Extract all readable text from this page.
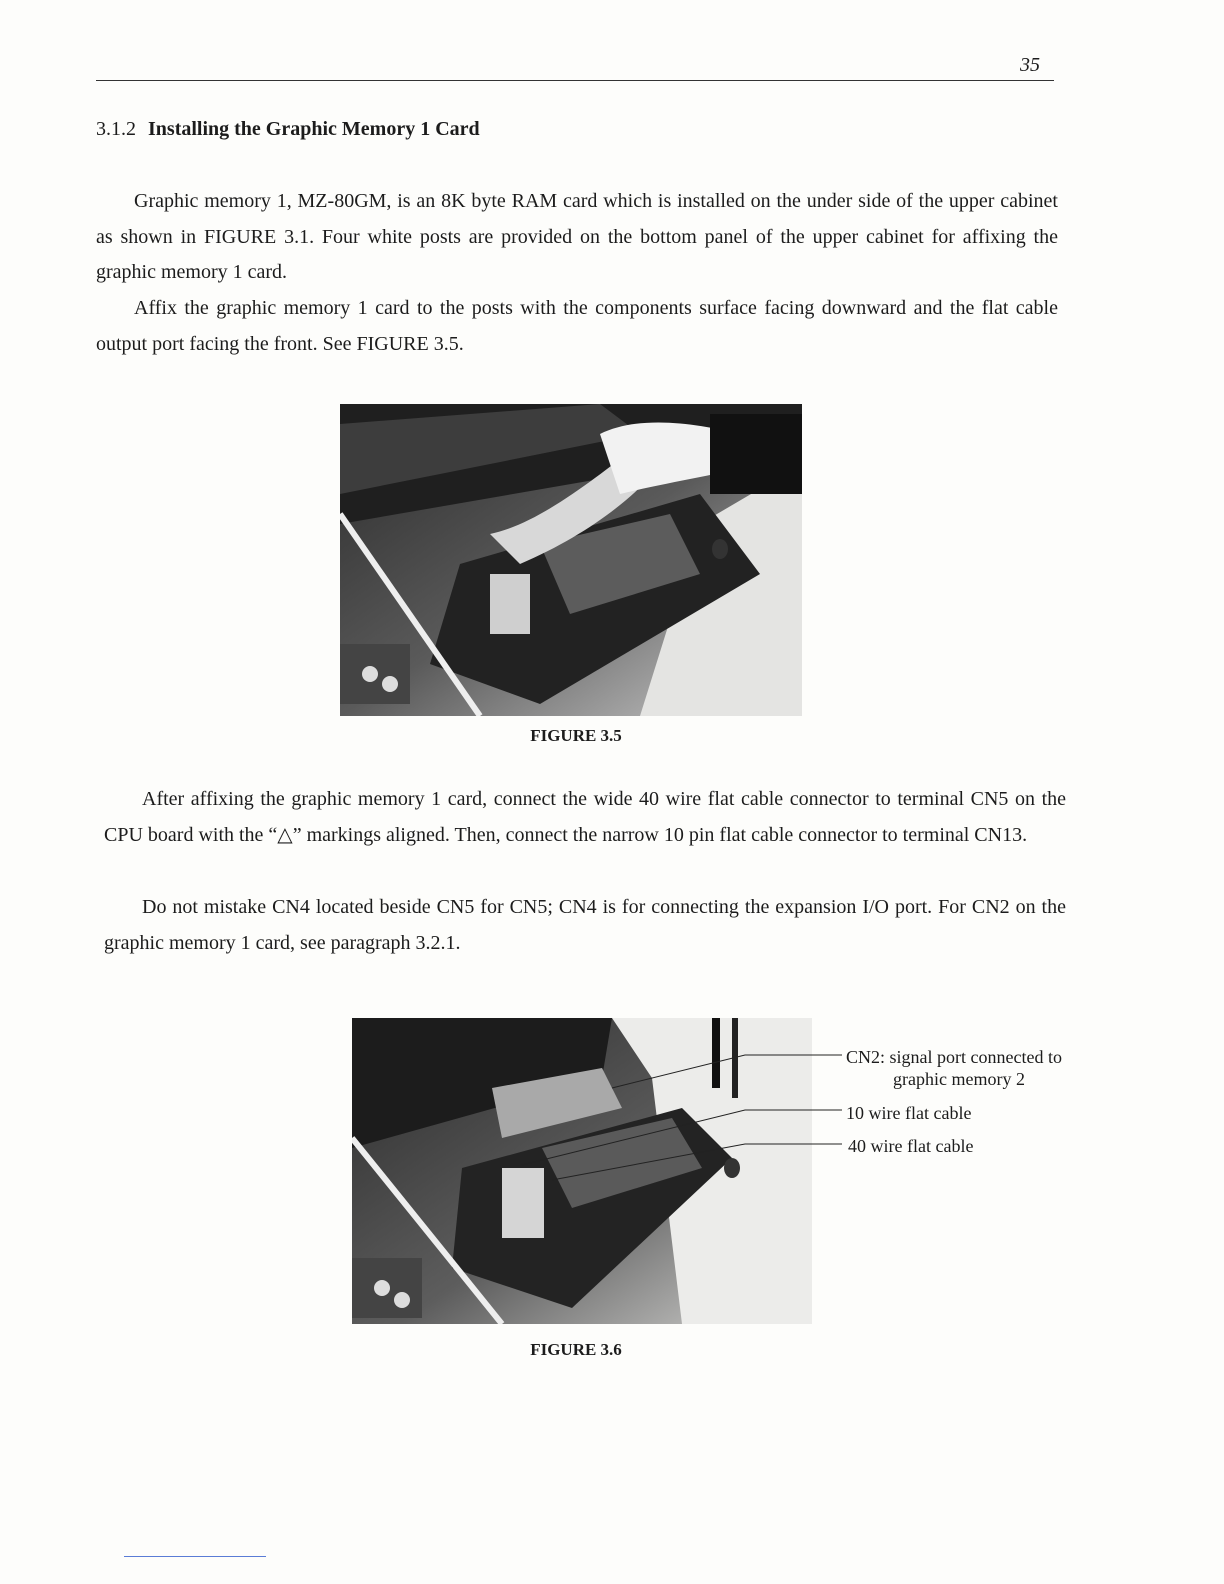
35
3.1.2 Installing the Graphic Memory 1 Card

Graphic memory 1, MZ-80GM, is an 8K byte RAM card which is installed on the under side of the upper cabinet as shown in FIGURE 3.1. Four white posts are provided on the bottom panel of the upper cabinet for affixing the graphic memory 1 card.

Affix the graphic memory 1 card to the posts with the components surface facing downward and the flat cable output port facing the front. See FIGURE 3.5.

FIGURE 3.5

After affixing the graphic memory 1 card, connect the wide 40 wire flat cable connector to terminal CN5 on the CPU board with the “△” markings aligned. Then, connect the narrow 10 pin flat cable connector to terminal CN13.

Do not mistake CN4 located beside CN5 for CN5; CN4 is for connecting the expansion I/O port. For CN2 on the graphic memory 1 card, see paragraph 3.2.1.

CN2: signal port connected to
graphic memory 2
10 wire flat cable
40 wire flat cable
FIGURE 3.6
